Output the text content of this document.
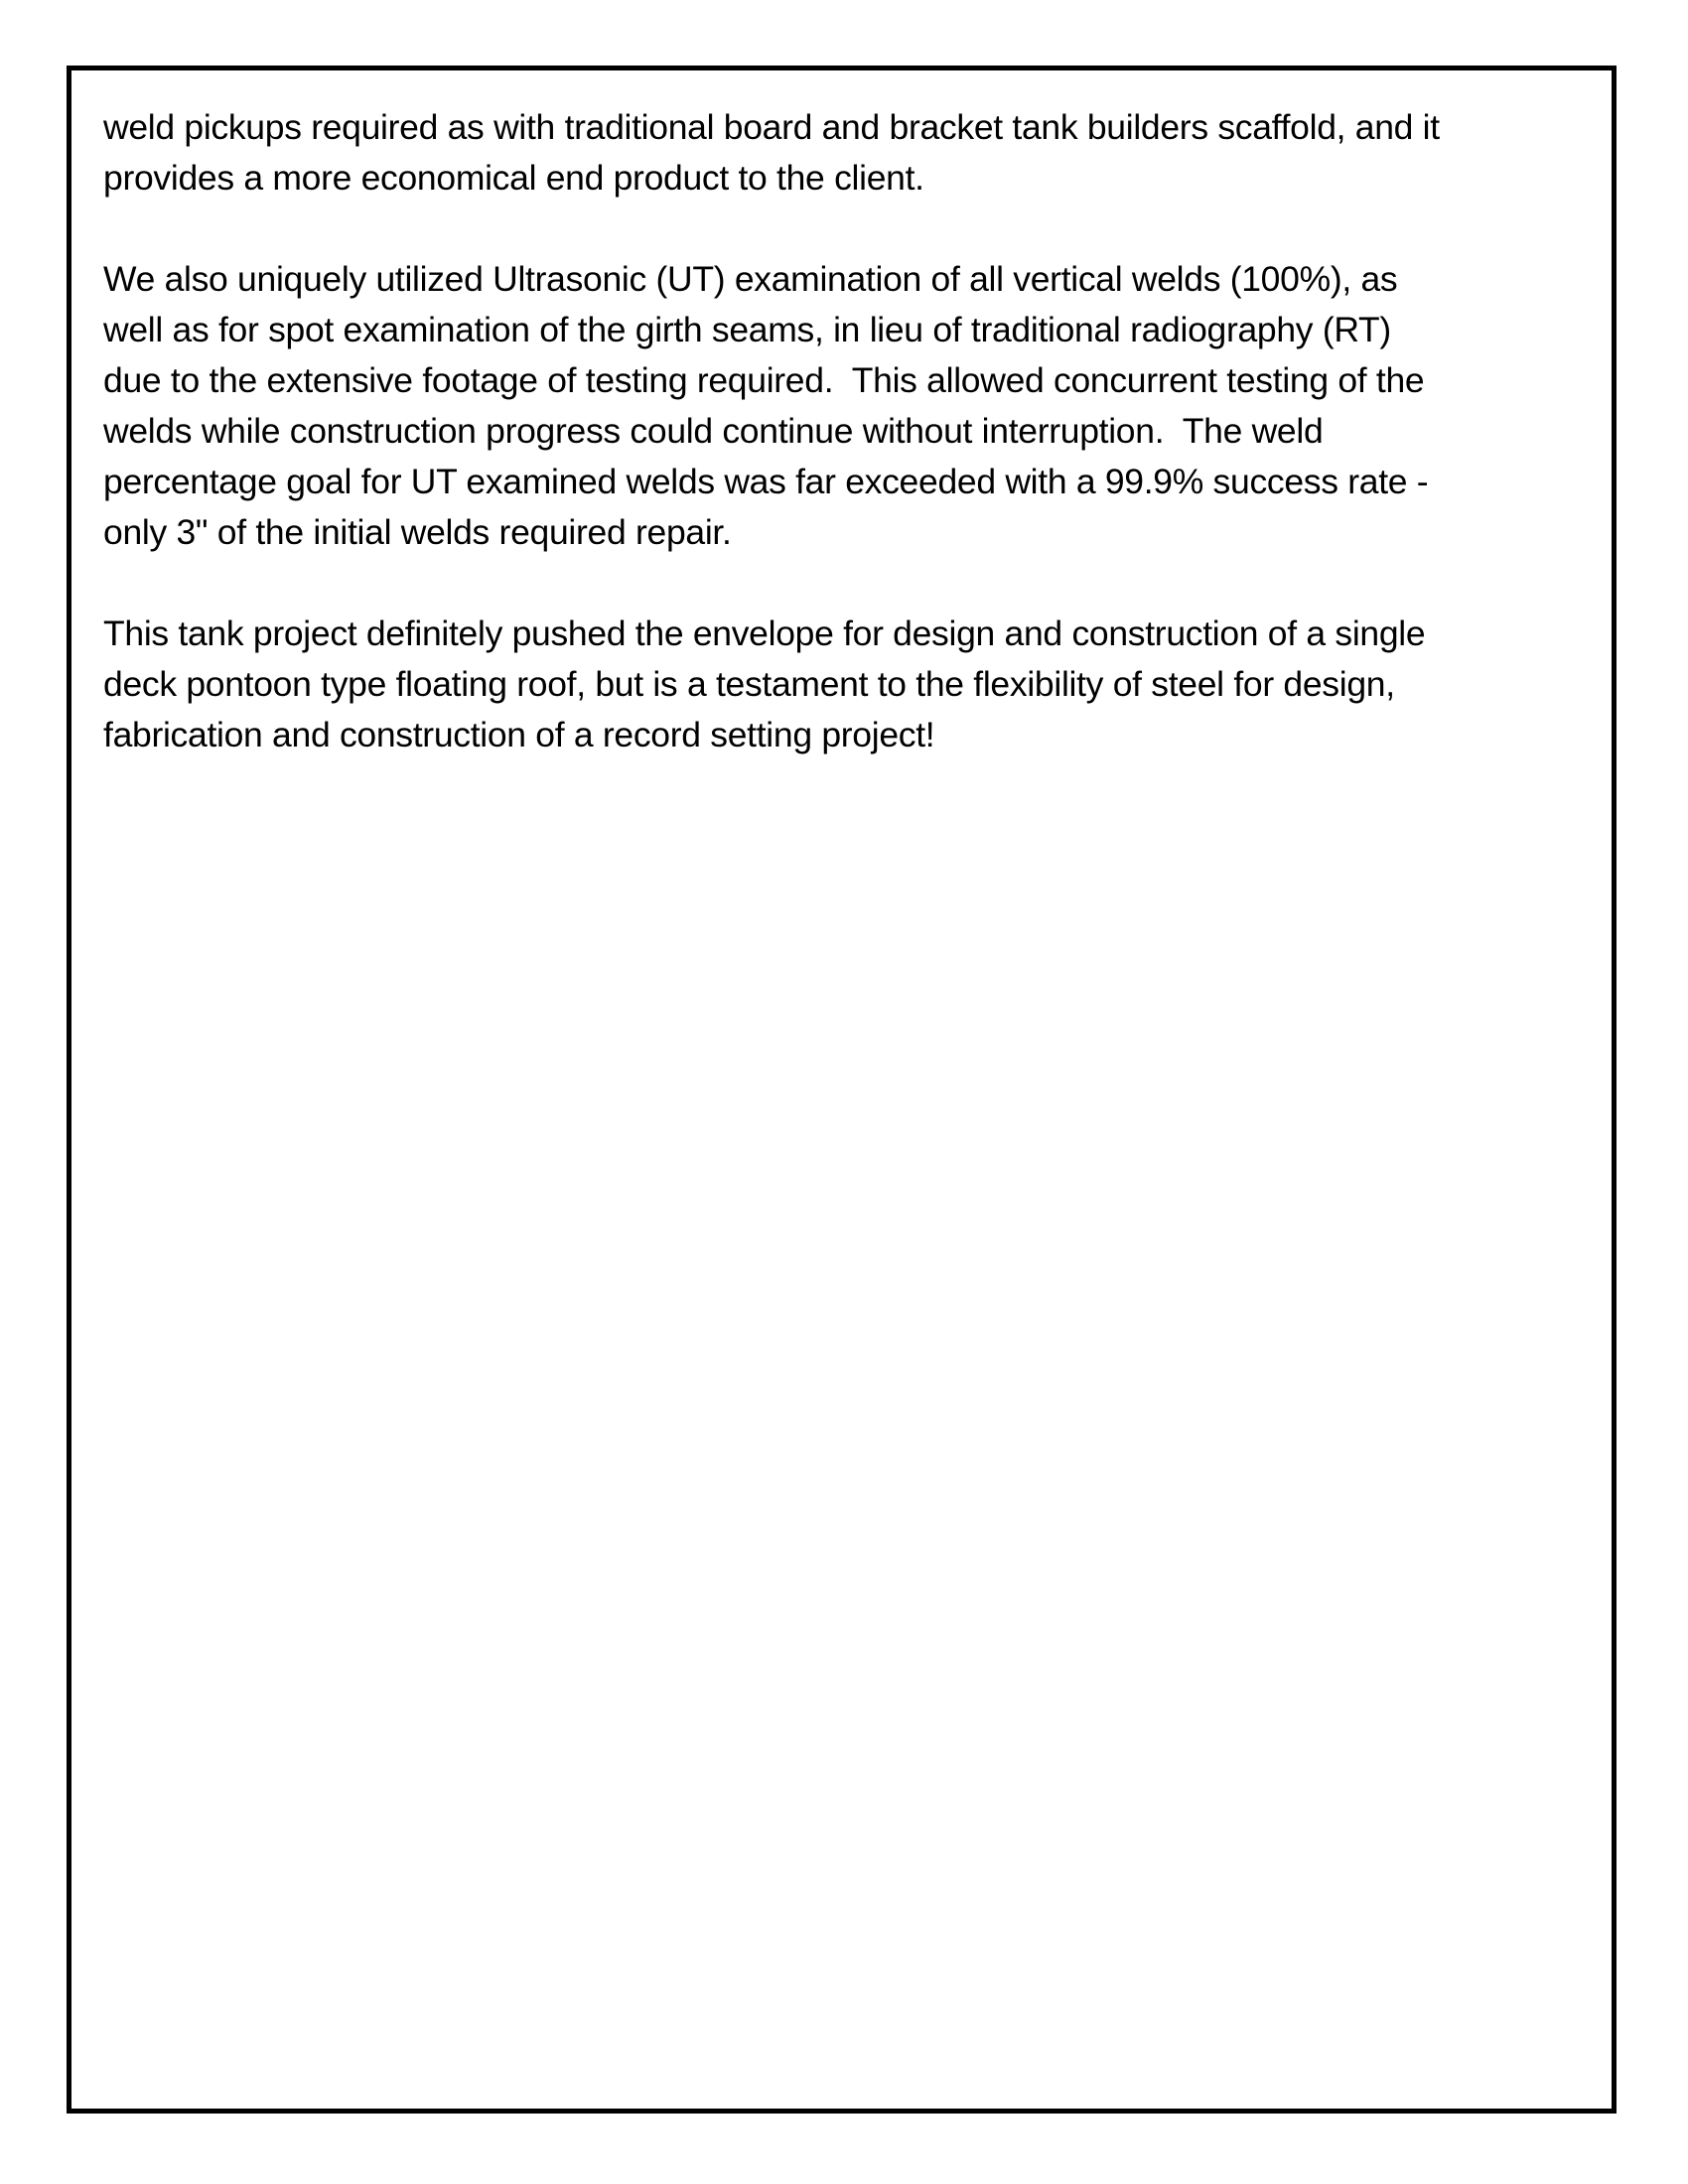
weld pickups required as with traditional board and bracket tank builders scaffold, and it
provides a more economical end product to the client.

We also uniquely utilized Ultrasonic (UT) examination of all vertical welds (100%), as
well as for spot examination of the girth seams, in lieu of traditional radiography (RT)
due to the extensive footage of testing required.  This allowed concurrent testing of the
welds while construction progress could continue without interruption.  The weld
percentage goal for UT examined welds was far exceeded with a 99.9% success rate -
only 3" of the initial welds required repair.

This tank project definitely pushed the envelope for design and construction of a single
deck pontoon type floating roof, but is a testament to the flexibility of steel for design,
fabrication and construction of a record setting project!
